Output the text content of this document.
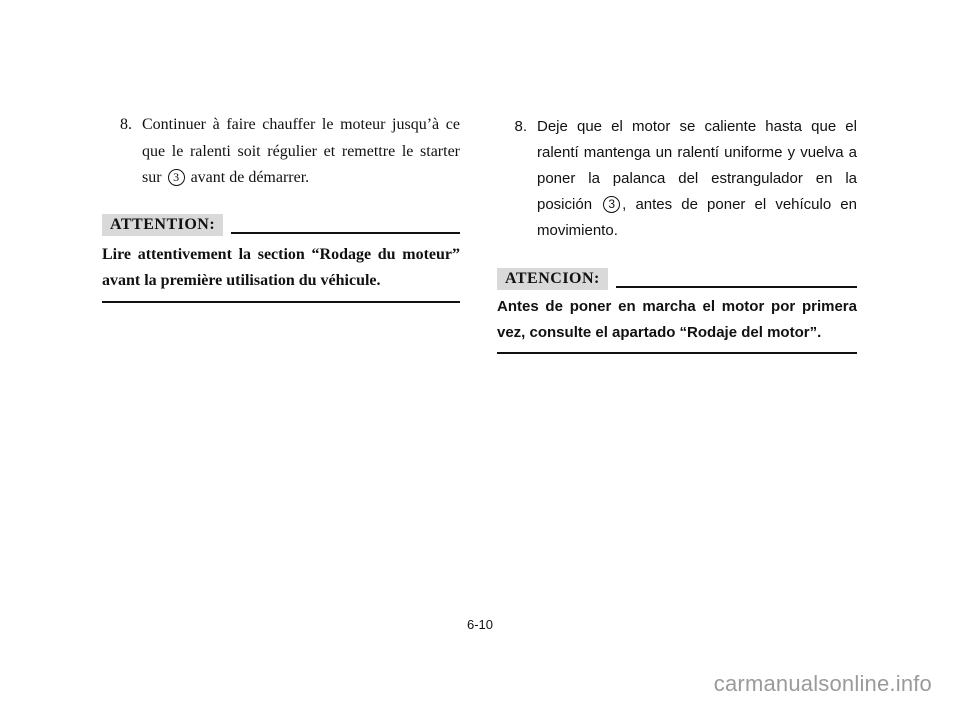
8. Continuer à faire chauffer le moteur jusqu’à ce que le ralenti soit régulier et remettre le starter sur 3 avant de démarrer.
ATTENTION:
Lire attentivement la section “Rodage du moteur” avant la première utilisation du véhicule.
8. Deje que el motor se caliente hasta que el ralentí mantenga un ralentí uniforme y vuelva a poner la palanca del estrangulador en la posición 3 , antes de poner el vehículo en movimiento.
ATENCION:
Antes de poner en marcha el motor por primera vez, consulte el apartado “Rodaje del motor”.
6-10
carmanualsonline.info
